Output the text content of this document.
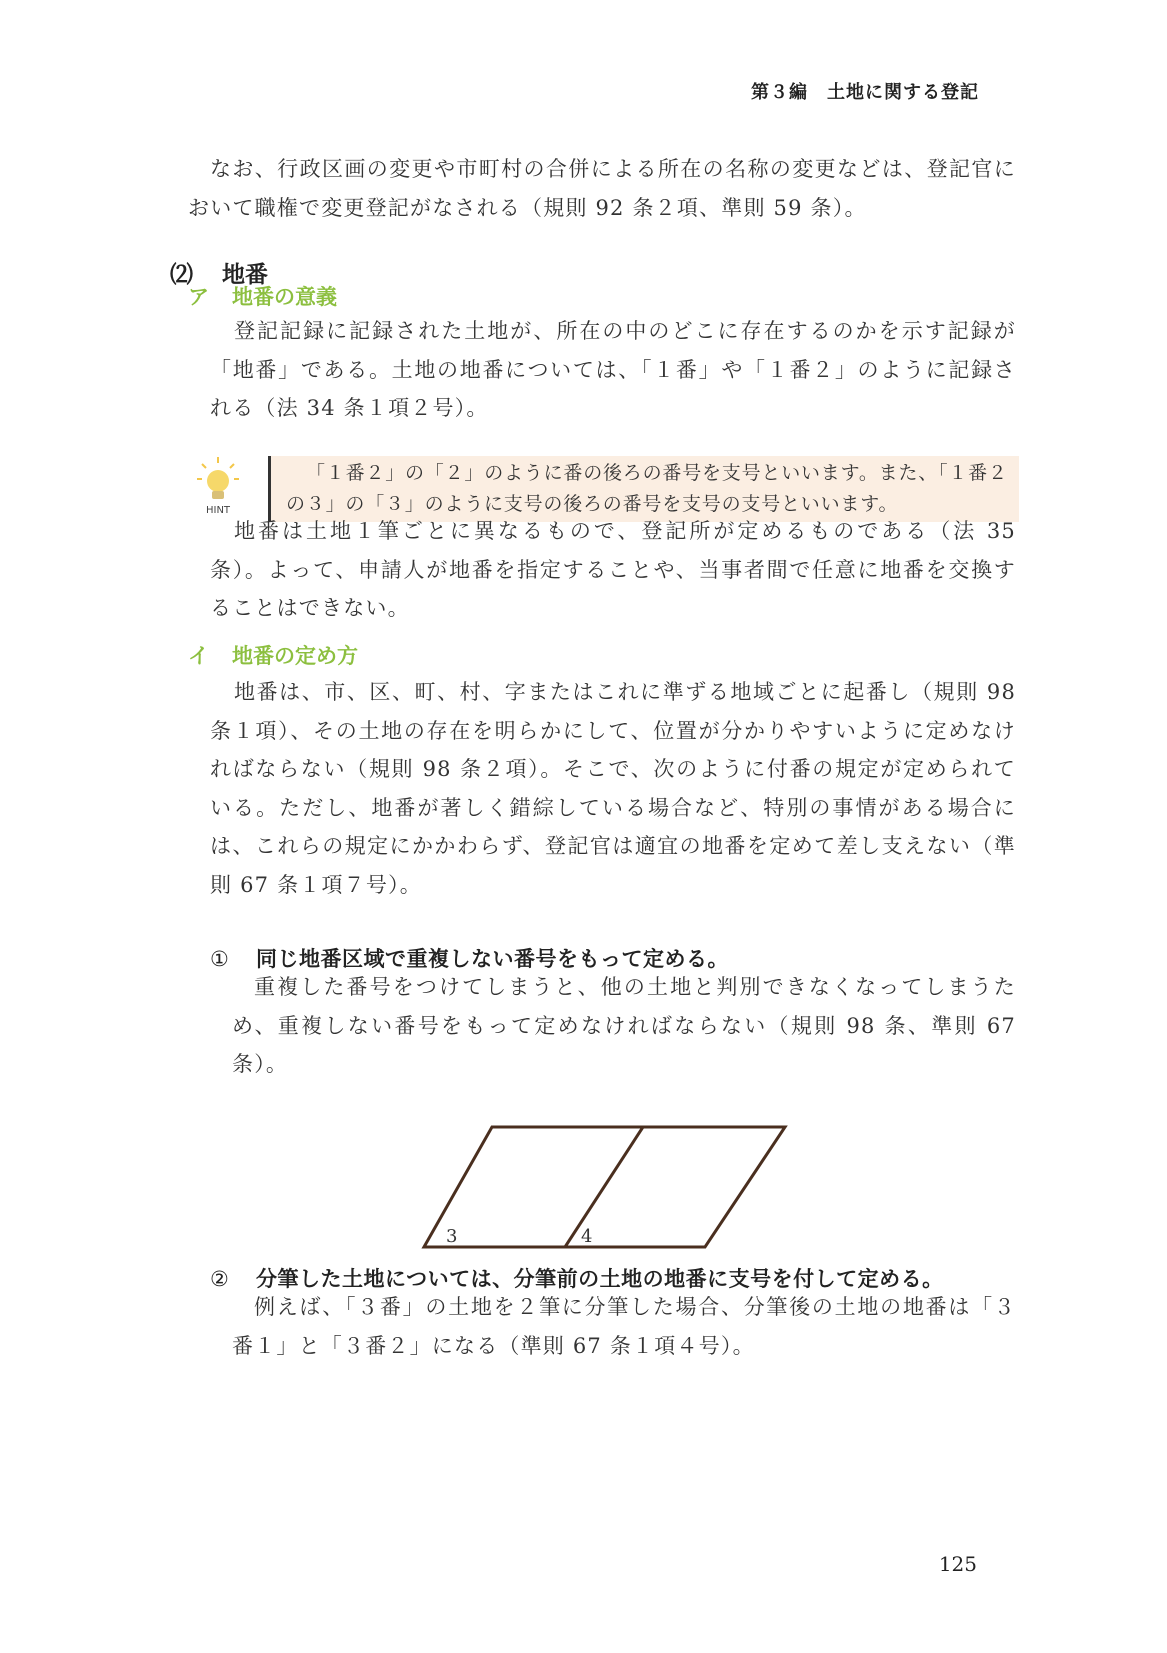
第３編　土地に関する登記
なお、行政区画の変更や市町村の合併による所在の名称の変更などは、登記官において職権で変更登記がなされる（規則 92 条２項、準則 59 条）。
⑵ 地番
ア 地番の意義
登記記録に記録された土地が、所在の中のどこに存在するのかを示す記録が「地番」である。土地の地番については、「１番」や「１番２」のように記録される（法 34 条１項２号）。
HINT
「１番２」の「２」のように番の後ろの番号を支号といいます。また、「１番２の３」の「３」のように支号の後ろの番号を支号の支号といいます。
地番は土地１筆ごとに異なるもので、登記所が定めるものである（法 35 条）。よって、申請人が地番を指定することや、当事者間で任意に地番を交換することはできない。
イ 地番の定め方
地番は、市、区、町、村、字またはこれに準ずる地域ごとに起番し（規則 98 条１項）、その土地の存在を明らかにして、位置が分かりやすいように定めなければならない（規則 98 条２項）。そこで、次のように付番の規定が定められている。ただし、地番が著しく錯綜している場合など、特別の事情がある場合には、これらの規定にかかわらず、登記官は適宜の地番を定めて差し支えない（準則 67 条１項７号）。
① 同じ地番区域で重複しない番号をもって定める。
重複した番号をつけてしまうと、他の土地と判別できなくなってしまうため、重複しない番号をもって定めなければならない（規則 98 条、準則 67 条）。
3	4
② 分筆した土地については、分筆前の土地の地番に支号を付して定める。
例えば、「３番」の土地を２筆に分筆した場合、分筆後の土地の地番は「３番１」と「３番２」になる（準則 67 条１項４号）。
125
